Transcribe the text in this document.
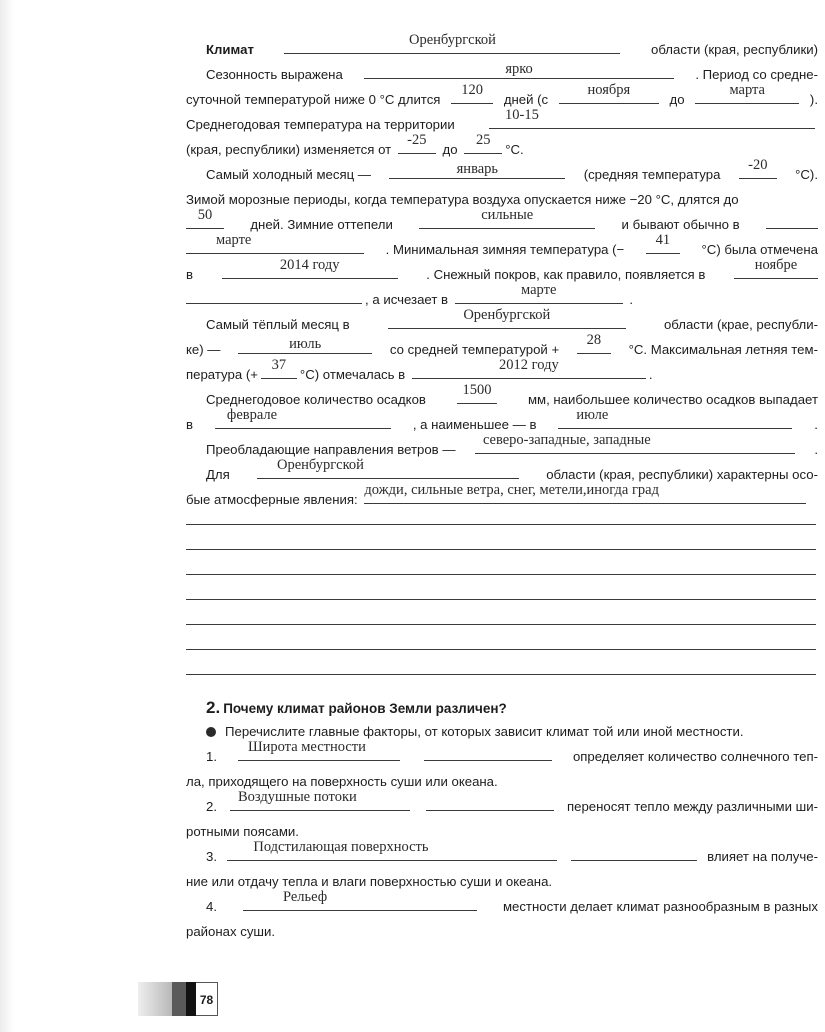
Климат
Оренбургской
области (края, республики)
Сезонность выражена	ярко	. Период со средне-
суточной температурой ниже 0 °С длится
120
дней (с
ноября
до
марта
).
Среднегодовая температура на территории
10-15
(края, республики) изменяется от
-25
до
25
°С.
Самый холодный месяц —	январь	(средняя температура
-20
°С).
Зимой морозные периоды, когда температура воздуха опускается ниже −20 °С, длятся до
50
дней. Зимние оттепели
сильные
и бывают обычно в
марте
. Минимальная зимняя температура (−
41
°С) была отмечена
в
2014 году
. Снежный покров, как правило, появляется в
ноябре
, а исчезает в
марте
.
Самый тёплый месяц в
Оренбургской
области (крае, республи-
ке) —	июль	со средней температурой +
28
°С. Максимальная летняя тем-
пература (+
37
°С) отмечалась в
2012 году
.
Среднегодовое количество осадков
1500
мм, наибольшее количество осадков выпадает
в
феврале
, а наименьшее — в
июле
.
Преобладающие направления ветров —
северо-западные, западные
.
Для
Оренбургской
области (края, республики) характерны осо-
бые атмосферные явления:
дожди, сильные ветра, снег, метели,иногда град
2. Почему климат районов Земли различен?
Перечислите главные факторы, от которых зависит климат той или иной местности.
1.
Широта местности
определяет количество солнечного теп-
ла, приходящего на поверхность суши или океана.
2.
Воздушные потоки
переносят тепло между различными ши-
ротными поясами.
3.
Подстилающая поверхность
влияет на получе-
ние или отдачу тепла и влаги поверхностью суши и океана.
4.
Рельеф
местности делает климат разнообразным в разных
районах суши.
78
